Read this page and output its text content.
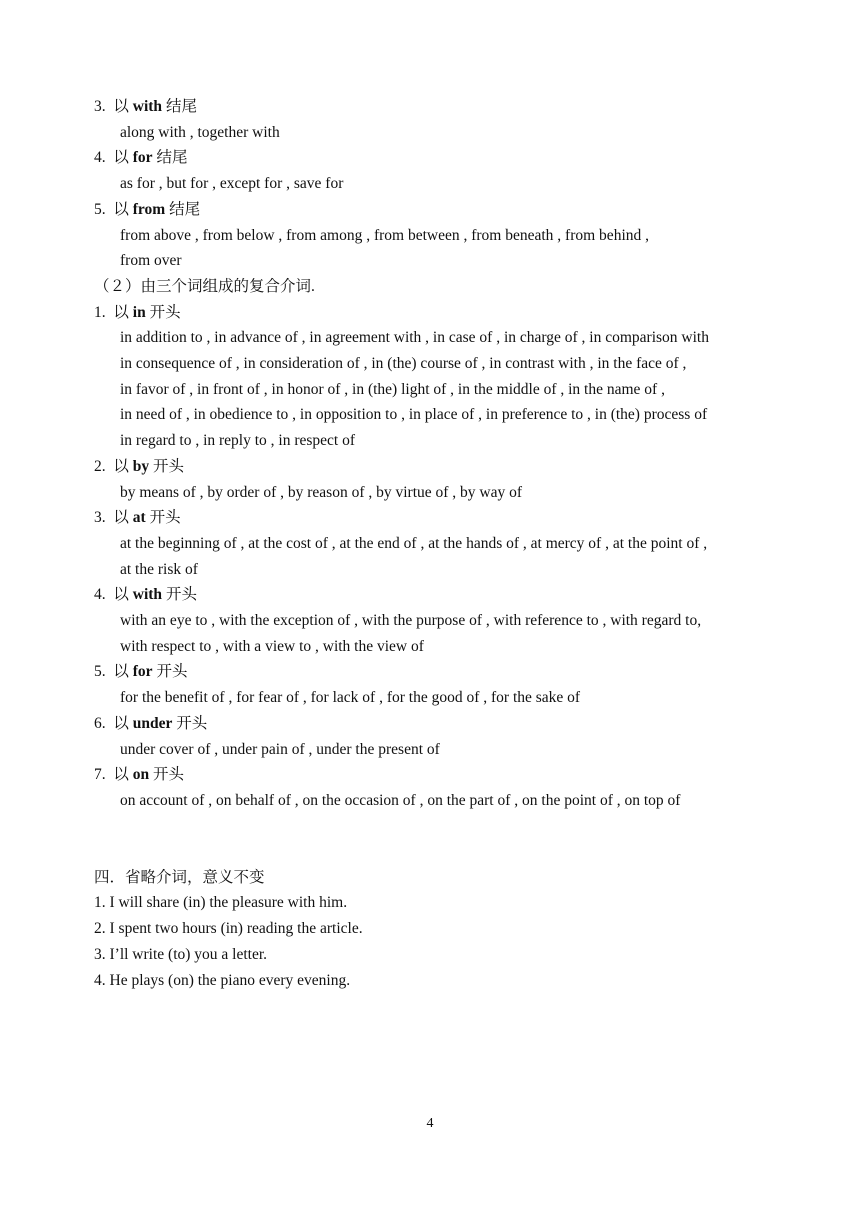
3. 以 with 结尾
along with , together with
4. 以 for 结尾
as for , but for , except for , save for
5. 以 from 结尾
from above , from below , from among , from between , from beneath , from behind ,
from over
（２）由三个词组成的复合介词.
1. 以 in 开头
in addition to , in advance of , in agreement with , in case of , in charge of , in comparison with
in consequence of , in consideration of , in (the) course of , in contrast with , in the face of ,
in favor of , in front of , in honor of , in (the) light of , in the middle of , in the name of ,
in need of , in obedience to , in opposition to , in place of , in preference to , in (the) process of
in regard to , in reply to , in respect of
2. 以 by 开头
by means of , by order of , by reason of , by virtue of , by way of
3. 以 at 开头
at the beginning of , at the cost of , at the end of , at the hands of , at mercy of , at the point of ,
at the risk of
4. 以 with 开头
with an eye to , with the exception of , with the purpose of , with reference to , with regard to,
with respect to , with a view to , with the view of
5. 以 for 开头
for the benefit of , for fear of , for lack of , for the good of , for the sake of
6. 以 under 开头
under cover of , under pain of , under the present of
7. 以 on 开头
on account of , on behalf of , on the occasion of , on the part of , on the point of , on top of
四．省略介词，意义不变
1. I will share (in) the pleasure with him.
2. I spent two hours (in) reading the article.
3. I’ll write (to) you a letter.
4. He plays (on) the piano every evening.
4
